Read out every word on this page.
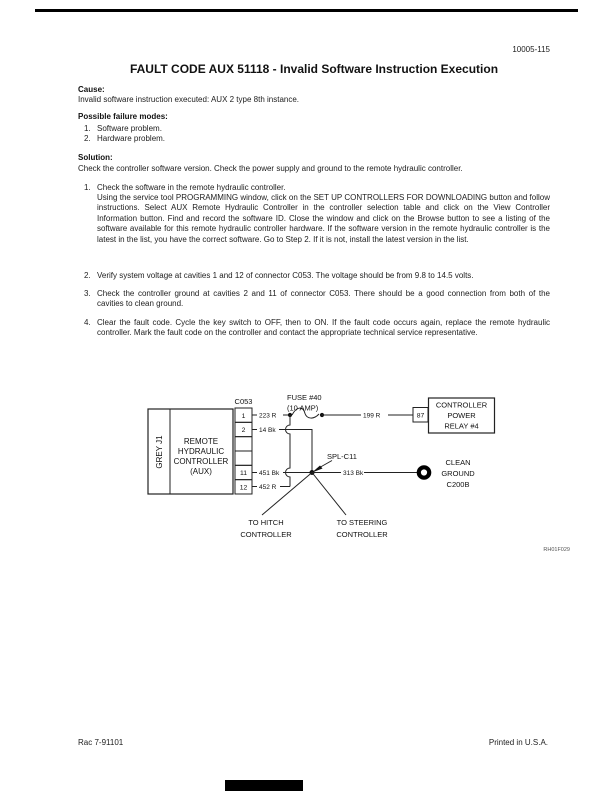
10005-115
FAULT CODE AUX 51118 - Invalid Software Instruction Execution
Cause:
Invalid software instruction executed: AUX 2 type 8th instance.
Possible failure modes:
1. Software problem.
2. Hardware problem.
Solution:
Check the controller software version. Check the power supply and ground to the remote hydraulic controller.
1. Check the software in the remote hydraulic controller.
Using the service tool PROGRAMMING window, click on the SET UP CONTROLLERS FOR DOWNLOADING button and follow instructions. Select AUX Remote Hydraulic Controller in the controller selection table and click on the View Controller Information button. Find and record the software ID. Close the window and click on the Browse button to see a listing of the software available for this remote hydraulic controller hardware. If the software version in the remote hydraulic controller is the latest in the list, you have the correct software. Go to Step 2. If it is not, install the latest version in the list.
2. Verify system voltage at cavities 1 and 12 of connector C053. The voltage should be from 9.8 to 14.5 volts.
3. Check the controller ground at cavities 2 and 11 of connector C053. There should be a good connection from both of the cavities to clean ground.
4. Clear the fault code. Cycle the key switch to OFF, then to ON. If the fault code occurs again, replace the remote hydraulic controller. Mark the fault code on the controller and contact the appropriate technical service representative.
GREY J1 REMOTE
HYDRAULIC
CONTROLLER
(AUX)
C053
1
2
11
12
223 R
FUSE #40
(10 AMP)
199 R	87
CONTROLLER
POWER
RELAY #4
14 Bk
451 Bk	313 Bk
CLEAN
GROUND
C200B
452 R
SPL-C11
TO HITCH
CONTROLLER
TO STEERING
CONTROLLER
RH01F029
Rac 7-91101	Printed in U.S.A.
